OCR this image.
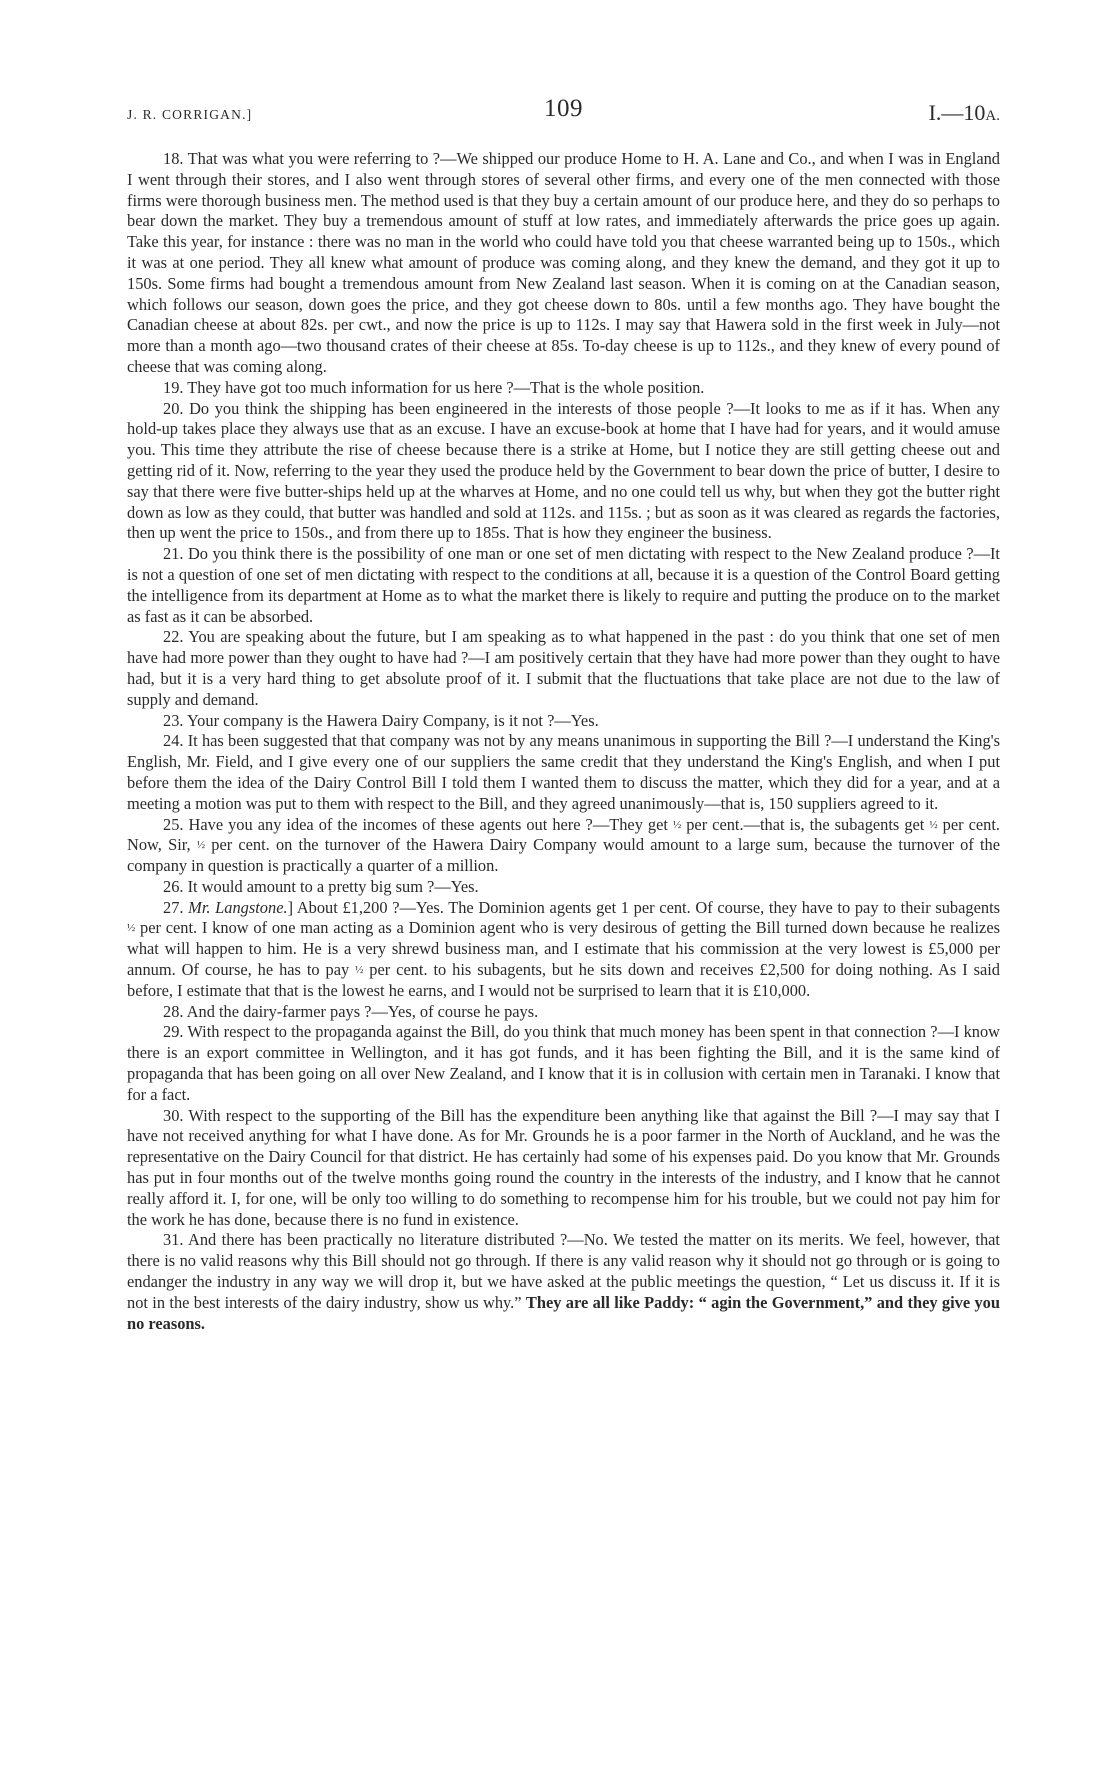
J. R. CORRIGAN.]	109	I.—10A.

18. That was what you were referring to ?—We shipped our produce Home to H. A. Lane and Co., and when I was in England I went through their stores, and I also went through stores of several other firms, and every one of the men connected with those firms were thorough business men. The method used is that they buy a certain amount of our produce here, and they do so perhaps to bear down the market. They buy a tremendous amount of stuff at low rates, and immediately afterwards the price goes up again. Take this year, for instance : there was no man in the world who could have told you that cheese warranted being up to 150s., which it was at one period. They all knew what amount of produce was coming along, and they knew the demand, and they got it up to 150s. Some firms had bought a tremendous amount from New Zealand last season. When it is coming on at the Canadian season, which follows our season, down goes the price, and they got cheese down to 80s. until a few months ago. They have bought the Canadian cheese at about 82s. per cwt., and now the price is up to 112s. I may say that Hawera sold in the first week in July—not more than a month ago—two thousand crates of their cheese at 85s. To-day cheese is up to 112s., and they knew of every pound of cheese that was coming along.

19. They have got too much information for us here ?—That is the whole position.

20. Do you think the shipping has been engineered in the interests of those people ?—It looks to me as if it has. When any hold-up takes place they always use that as an excuse. I have an excuse-book at home that I have had for years, and it would amuse you. This time they attribute the rise of cheese because there is a strike at Home, but I notice they are still getting cheese out and getting rid of it. Now, referring to the year they used the produce held by the Government to bear down the price of butter, I desire to say that there were five butter-ships held up at the wharves at Home, and no one could tell us why, but when they got the butter right down as low as they could, that butter was handled and sold at 112s. and 115s. ; but as soon as it was cleared as regards the factories, then up went the price to 150s., and from there up to 185s. That is how they engineer the business.

21. Do you think there is the possibility of one man or one set of men dictating with respect to the New Zealand produce ?—It is not a question of one set of men dictating with respect to the conditions at all, because it is a question of the Control Board getting the intelligence from its department at Home as to what the market there is likely to require and putting the produce on to the market as fast as it can be absorbed.

22. You are speaking about the future, but I am speaking as to what happened in the past : do you think that one set of men have had more power than they ought to have had ?—I am positively certain that they have had more power than they ought to have had, but it is a very hard thing to get absolute proof of it. I submit that the fluctuations that take place are not due to the law of supply and demand.

23. Your company is the Hawera Dairy Company, is it not ?—Yes.

24. It has been suggested that that company was not by any means unanimous in supporting the Bill ?—I understand the King's English, Mr. Field, and I give every one of our suppliers the same credit that they understand the King's English, and when I put before them the idea of the Dairy Control Bill I told them I wanted them to discuss the matter, which they did for a year, and at a meeting a motion was put to them with respect to the Bill, and they agreed unanimously—that is, 150 suppliers agreed to it.

25. Have you any idea of the incomes of these agents out here ?—They get ½ per cent.—that is, the subagents get ½ per cent. Now, Sir, ½ per cent. on the turnover of the Hawera Dairy Company would amount to a large sum, because the turnover of the company in question is practically a quarter of a million.

26. It would amount to a pretty big sum ?—Yes.

27. Mr. Langstone.] About £1,200 ?—Yes. The Dominion agents get 1 per cent. Of course, they have to pay to their subagents ½ per cent. I know of one man acting as a Dominion agent who is very desirous of getting the Bill turned down because he realizes what will happen to him. He is a very shrewd business man, and I estimate that his commission at the very lowest is £5,000 per annum. Of course, he has to pay ½ per cent. to his subagents, but he sits down and receives £2,500 for doing nothing. As I said before, I estimate that that is the lowest he earns, and I would not be surprised to learn that it is £10,000.

28. And the dairy-farmer pays ?—Yes, of course he pays.

29. With respect to the propaganda against the Bill, do you think that much money has been spent in that connection ?—I know there is an export committee in Wellington, and it has got funds, and it has been fighting the Bill, and it is the same kind of propaganda that has been going on all over New Zealand, and I know that it is in collusion with certain men in Taranaki. I know that for a fact.

30. With respect to the supporting of the Bill has the expenditure been anything like that against the Bill ?—I may say that I have not received anything for what I have done. As for Mr. Grounds he is a poor farmer in the North of Auckland, and he was the representative on the Dairy Council for that district. He has certainly had some of his expenses paid. Do you know that Mr. Grounds has put in four months out of the twelve months going round the country in the interests of the industry, and I know that he cannot really afford it. I, for one, will be only too willing to do something to recompense him for his trouble, but we could not pay him for the work he has done, because there is no fund in existence.

31. And there has been practically no literature distributed ?—No. We tested the matter on its merits. We feel, however, that there is no valid reasons why this Bill should not go through. If there is any valid reason why it should not go through or is going to endanger the industry in any way we will drop it, but we have asked at the public meetings the question, “ Let us discuss it. If it is not in the best interests of the dairy industry, show us why.” They are all like Paddy: “ agin the Government,” and they give you no reasons.
